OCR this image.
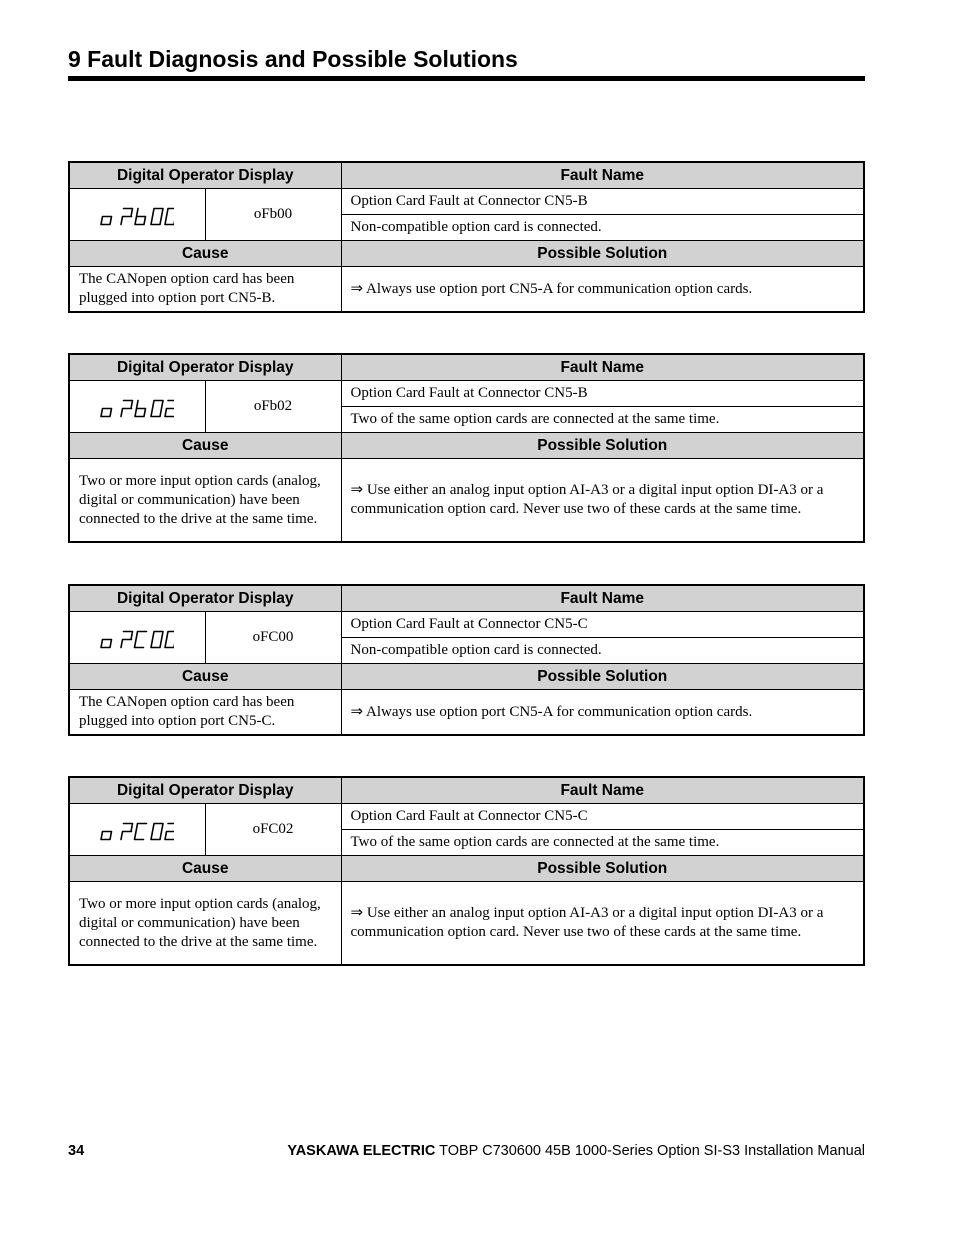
9 Fault Diagnosis and Possible Solutions
Digital Operator Display		Fault Name

	oFb00	Option Card Fault at Connector CN5-B
		Non-compatible option card is connected.
Cause		Possible Solution
The CANopen option card has been plugged into option port CN5-B.		⇒ Always use option port CN5-A for communication option cards.
Digital Operator Display		Fault Name

	oFb02	Option Card Fault at Connector CN5-B
		Two of the same option cards are connected at the same time.
Cause		Possible Solution
Two or more input option cards (analog, digital or communication) have been connected to the drive at the same time.		⇒ Use either an analog input option AI-A3 or a digital input option DI-A3 or a communication option card. Never use two of these cards at the same time.
Digital Operator Display		Fault Name

	oFC00	Option Card Fault at Connector CN5-C
		Non-compatible option card is connected.
Cause		Possible Solution
The CANopen option card has been plugged into option port CN5-C.		⇒ Always use option port CN5-A for communication option cards.
Digital Operator Display		Fault Name

	oFC02	Option Card Fault at Connector CN5-C
		Two of the same option cards are connected at the same time.
Cause		Possible Solution
Two or more input option cards (analog, digital or communication) have been connected to the drive at the same time.		⇒ Use either an analog input option AI-A3 or a digital input option DI-A3 or a communication option card. Never use two of these cards at the same time.
34	YASKAWA ELECTRIC TOBP C730600 45B 1000-Series Option SI-S3 Installation Manual
